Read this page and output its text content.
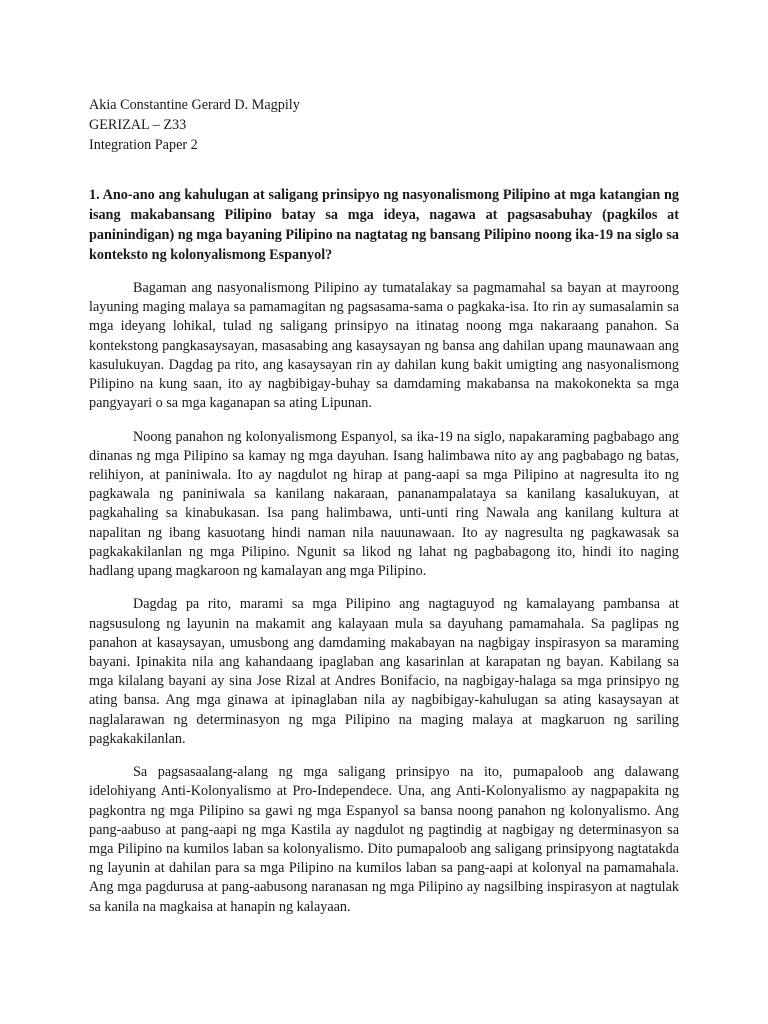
Akia Constantine Gerard D. Magpily
GERIZAL – Z33
Integration Paper 2
1. Ano-ano ang kahulugan at saligang prinsipyo ng nasyonalismong Pilipino at mga katangian ng isang makabansang Pilipino batay sa mga ideya, nagawa at pagsasabuhay (pagkilos at paninindigan) ng mga bayaning Pilipino na nagtatag ng bansang Pilipino noong ika-19 na siglo sa konteksto ng kolonyalismong Espanyol?

Bagaman ang nasyonalismong Pilipino ay tumatalakay sa pagmamahal sa bayan at mayroong layuning maging malaya sa pamamagitan ng pagsasama-sama o pagkaka-isa. Ito rin ay sumasalamin sa mga ideyang lohikal, tulad ng saligang prinsipyo na itinatag noong mga nakaraang panahon. Sa kontekstong pangkasaysayan, masasabing ang kasaysayan ng bansa ang dahilan upang maunawaan ang kasulukuyan. Dagdag pa rito, ang kasaysayan rin ay dahilan kung bakit umigting ang nasyonalismong Pilipino na kung saan, ito ay nagbibigay-buhay sa damdaming makabansa na makokonekta sa mga pangyayari o sa mga kaganapan sa ating Lipunan.

Noong panahon ng kolonyalismong Espanyol, sa ika-19 na siglo, napakaraming pagbabago ang dinanas ng mga Pilipino sa kamay ng mga dayuhan. Isang halimbawa nito ay ang pagbabago ng batas, relihiyon, at paniniwala. Ito ay nagdulot ng hirap at pang-aapi sa mga Pilipino at nagresulta ito ng pagkawala ng paniniwala sa kanilang nakaraan, pananampalataya sa kanilang kasalukuyan, at pagkahaling sa kinabukasan. Isa pang halimbawa, unti-unti ring Nawala ang kanilang kultura at napalitan ng ibang kasuotang hindi naman nila nauunawaan. Ito ay nagresulta ng pagkawasak sa pagkakakilanlan ng mga Pilipino. Ngunit sa likod ng lahat ng pagbabagong ito, hindi ito naging hadlang upang magkaroon ng kamalayan ang mga Pilipino.

Dagdag pa rito, marami sa mga Pilipino ang nagtaguyod ng kamalayang pambansa at nagsusulong ng layunin na makamit ang kalayaan mula sa dayuhang pamamahala. Sa paglipas ng panahon at kasaysayan, umusbong ang damdaming makabayan na nagbigay inspirasyon sa maraming bayani. Ipinakita nila ang kahandaang ipaglaban ang kasarinlan at karapatan ng bayan. Kabilang sa mga kilalang bayani ay sina Jose Rizal at Andres Bonifacio, na nagbigay-halaga sa mga prinsipyo ng ating bansa. Ang mga ginawa at ipinaglaban nila ay nagbibigay-kahulugan sa ating kasaysayan at naglalarawan ng determinasyon ng mga Pilipino na maging malaya at magkaruon ng sariling pagkakakilanlan.

Sa pagsasaalang-alang ng mga saligang prinsipyo na ito, pumapaloob ang dalawang idelohiyang Anti-Kolonyalismo at Pro-Independece. Una, ang Anti-Kolonyalismo ay nagpapakita ng pagkontra ng mga Pilipino sa gawi ng mga Espanyol sa bansa noong panahon ng kolonyalismo. Ang pang-aabuso at pang-aapi ng mga Kastila ay nagdulot ng pagtindig at nagbigay ng determinasyon sa mga Pilipino na kumilos laban sa kolonyalismo. Dito pumapaloob ang saligang prinsipyong nagtatakda ng layunin at dahilan para sa mga Pilipino na kumilos laban sa pang-aapi at kolonyal na pamamahala. Ang mga pagdurusa at pang-aabusong naranasan ng mga Pilipino ay nagsilbing inspirasyon at nagtulak sa kanila na magkaisa at hanapin ng kalayaan.
